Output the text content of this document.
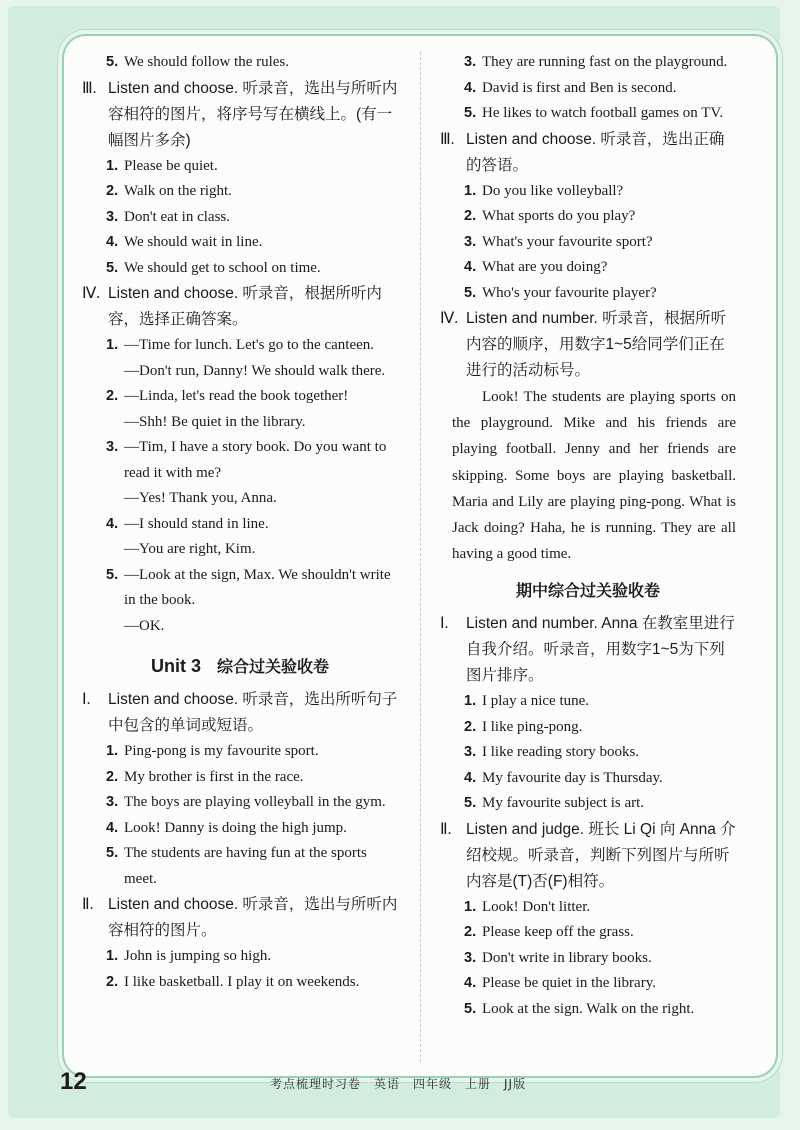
5. We should follow the rules.

Ⅲ. Listen and choose. 听录音，选出与所听内容相符的图片，将序号写在横线上。(有一幅图片多余)

1. Please be quiet.
2. Walk on the right.
3. Don't eat in class.
4. We should wait in line.
5. We should get to school on time.

Ⅳ. Listen and choose. 听录音，根据所听内容，选择正确答案。

1. —Time for lunch. Let's go to the canteen.
—Don't run, Danny! We should walk there.
2. —Linda, let's read the book together!
—Shh! Be quiet in the library.
3. —Tim, I have a story book. Do you want to read it with me?
—Yes! Thank you, Anna.
4. —I should stand in line.
—You are right, Kim.
5. —Look at the sign, Max. We shouldn't write in the book.
—OK.
Unit 3 综合过关验收卷

Ⅰ. Listen and choose. 听录音，选出所听句子中包含的单词或短语。

1. Ping-pong is my favourite sport.
2. My brother is first in the race.
3. The boys are playing volleyball in the gym.
4. Look! Danny is doing the high jump.
5. The students are having fun at the sports meet.

Ⅱ. Listen and choose. 听录音，选出与所听内容相符的图片。

1. John is jumping so high.
2. I like basketball. I play it on weekends.
3. They are running fast on the playground.
4. David is first and Ben is second.
5. He likes to watch football games on TV.

Ⅲ. Listen and choose. 听录音，选出正确的答语。

1. Do you like volleyball?
2. What sports do you play?
3. What's your favourite sport?
4. What are you doing?
5. Who's your favourite player?

Ⅳ. Listen and number. 听录音，根据所听内容的顺序，用数字1~5给同学们正在进行的活动标号。

Look! The students are playing sports on the playground. Mike and his friends are playing football. Jenny and her friends are skipping. Some boys are playing basketball. Maria and Lily are playing ping-pong. What is Jack doing? Haha, he is running. They are all having a good time.

期中综合过关验收卷

Ⅰ. Listen and number. Anna 在教室里进行自我介绍。听录音，用数字1~5为下列图片排序。

1. I play a nice tune.
2. I like ping-pong.
3. I like reading story books.
4. My favourite day is Thursday.
5. My favourite subject is art.

Ⅱ. Listen and judge. 班长 Li Qi 向 Anna 介绍校规。听录音，判断下列图片与所听内容是(T)否(F)相符。

1. Look! Don't litter.
2. Please keep off the grass.
3. Don't write in library books.
4. Please be quiet in the library.
5. Look at the sign. Walk on the right.
12	考点梳理时习卷　英语　四年级　上册　JJ版
